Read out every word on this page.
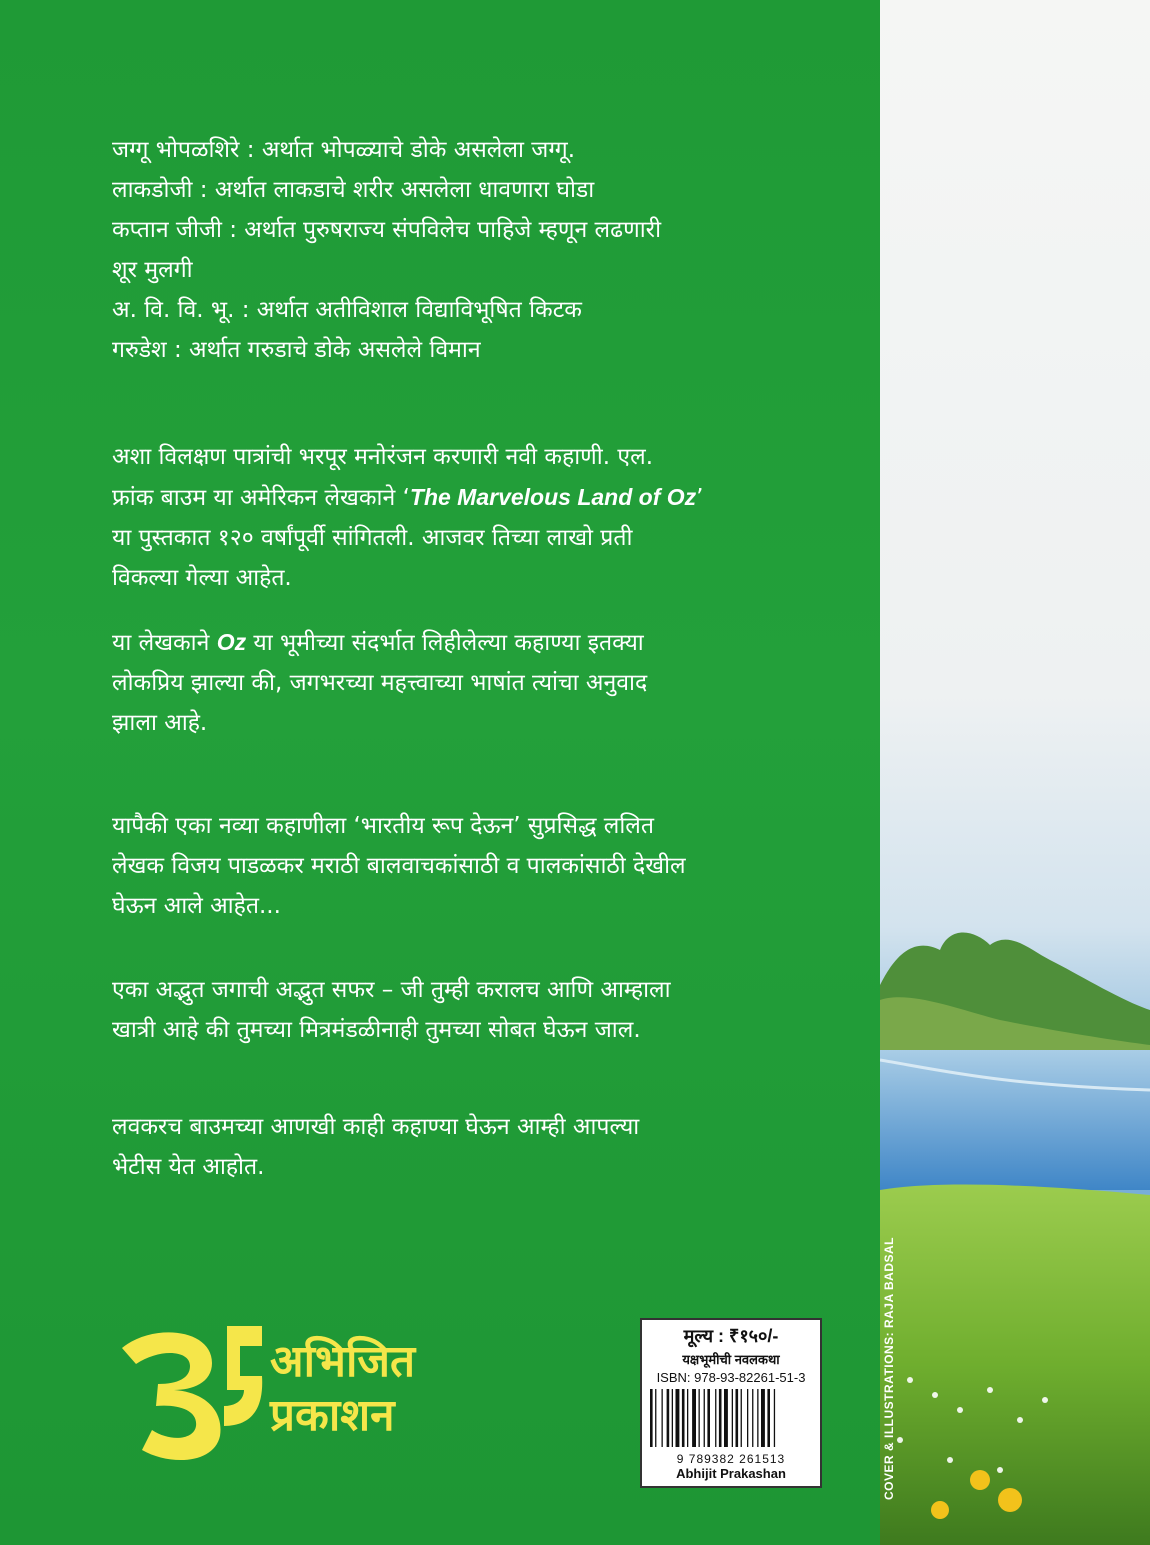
जग्गू भोपळशिरे : अर्थात भोपळ्याचे डोके असलेला जग्गू.

लाकडोजी : अर्थात लाकडाचे शरीर असलेला धावणारा घोडा

कप्तान जीजी : अर्थात पुरुषराज्य संपविलेच पाहिजे म्हणून लढणारी

शूर मुलगी

अ. वि. वि. भू. : अर्थात अतीविशाल विद्याविभूषित किटक

गरुडेश : अर्थात गरुडाचे डोके असलेले विमान

अशा विलक्षण पात्रांची भरपूर मनोरंजन करणारी नवी कहाणी. एल.

फ्रांक बाउम या अमेरिकन लेखकाने ‘The Marvelous Land of Oz’

या पुस्तकात १२० वर्षांपूर्वी सांगितली. आजवर तिच्या लाखो प्रती

विकल्या गेल्या आहेत.

या लेखकाने Oz या भूमीच्या संदर्भात लिहीलेल्या कहाण्या इतक्या

लोकप्रिय झाल्या की, जगभरच्या महत्त्वाच्या भाषांत त्यांचा अनुवाद

झाला आहे.

यापैकी एका नव्या कहाणीला ‘भारतीय रूप देऊन’ सुप्रसिद्ध ललित

लेखक विजय पाडळकर मराठी बालवाचकांसाठी व पालकांसाठी देखील

घेऊन आले आहेत...

एका अद्भुत जगाची अद्भुत सफर – जी तुम्ही करालच आणि आम्हाला

खात्री आहे की तुमच्या मित्रमंडळीनाही तुमच्या सोबत घेऊन जाल.

लवकरच बाउमच्या आणखी काही कहाण्या घेऊन आम्ही आपल्या

भेटीस येत आहोत.

अभिजित
प्रकाशन
मूल्य : ₹१५०/-
यक्षभूमीची नवलकथा
ISBN: 978-93-82261-51-3
9 789382 261513
Abhijit Prakashan	COVER & ILLUSTRATIONS: RAJA BADSAL
